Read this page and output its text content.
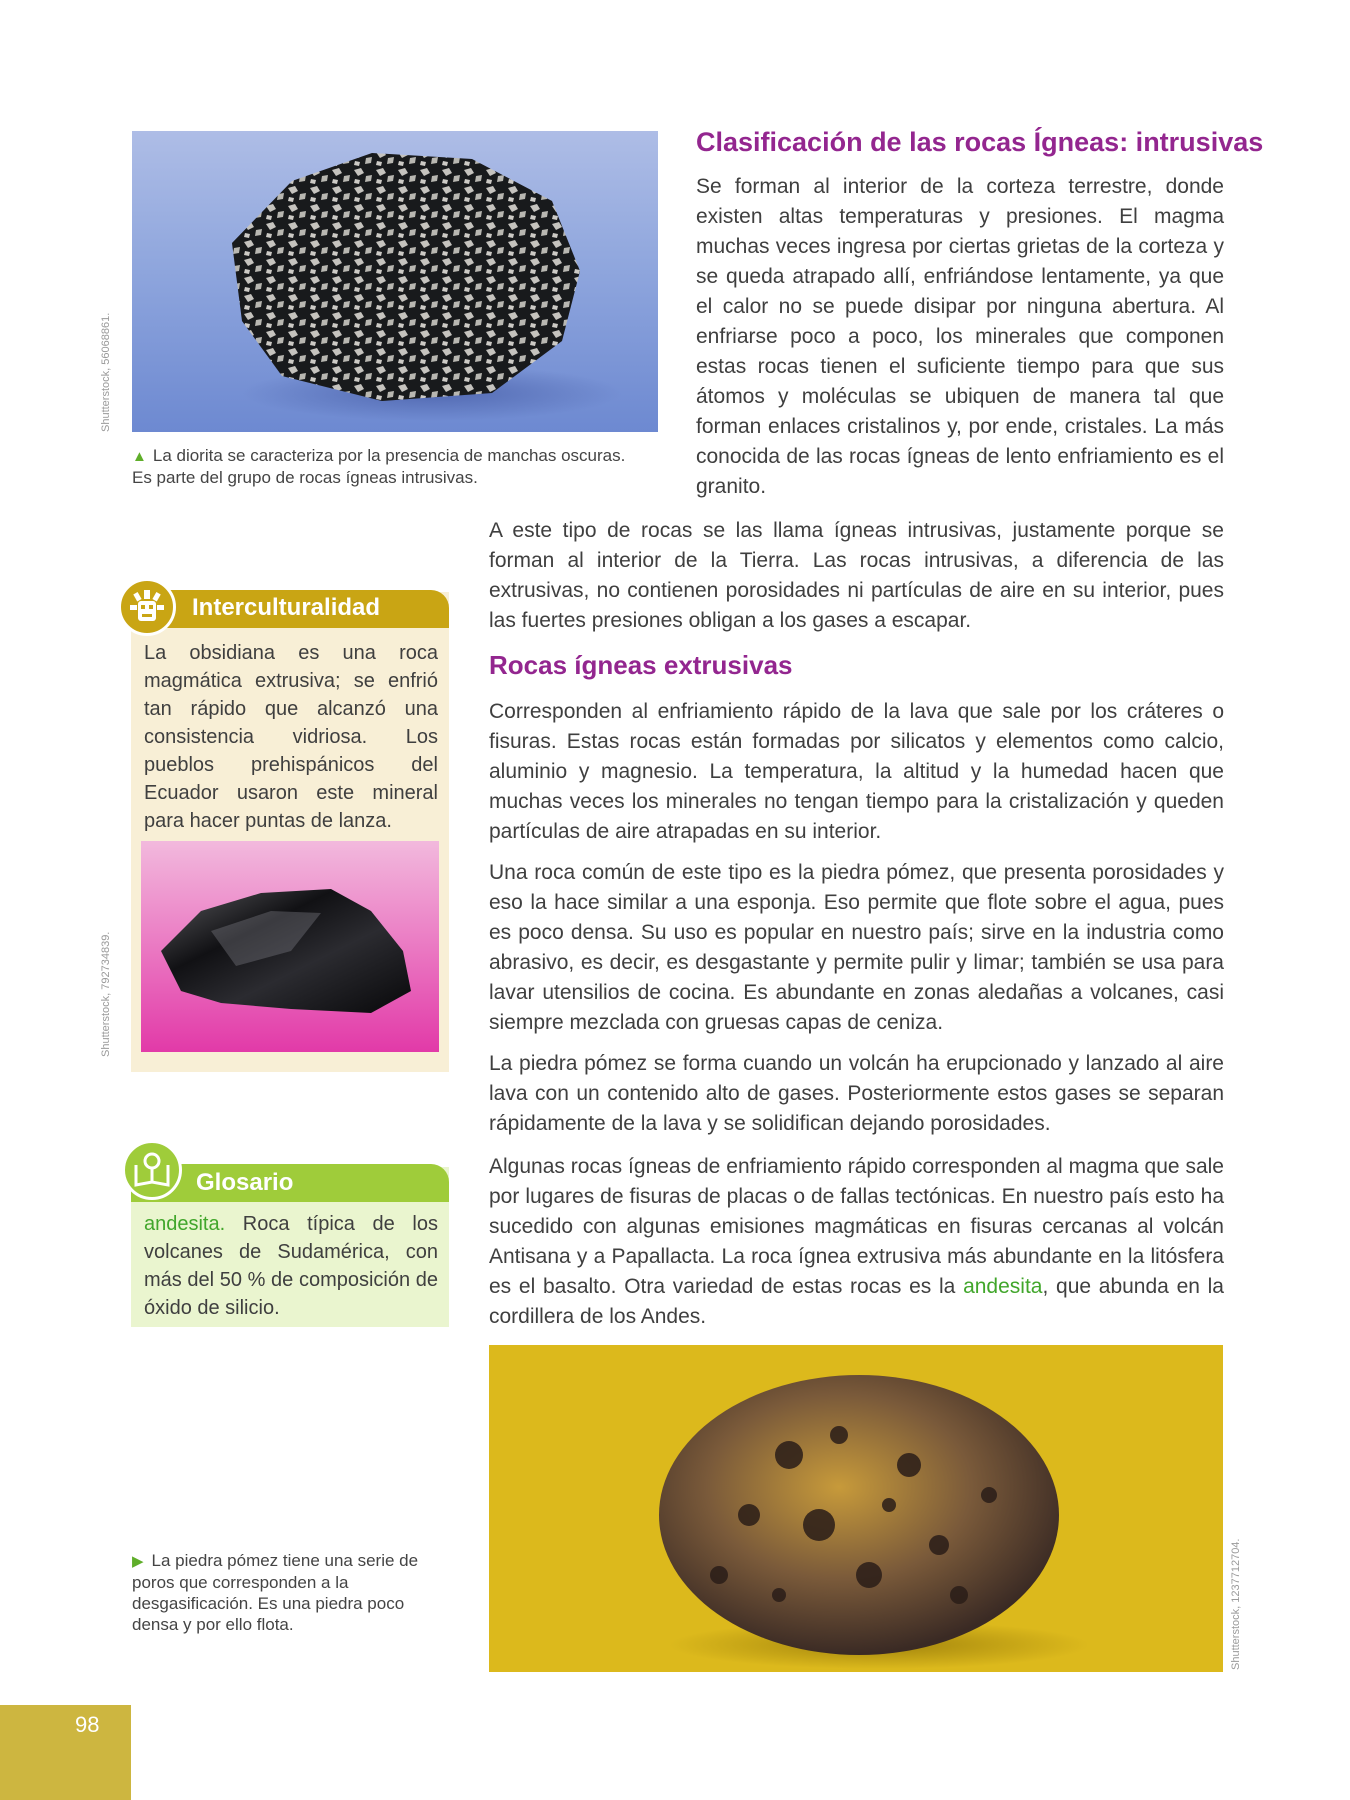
Shutterstock, 56068861.
▲ La diorita se caracteriza por la presencia de manchas oscuras. Es parte del grupo de rocas ígneas intrusivas.
Clasificación de las rocas Ígneas: intrusivas

Se forman al interior de la corteza terrestre, donde existen altas temperaturas y presiones. El magma muchas veces ingresa por ciertas grietas de la corteza y se queda atrapado allí, enfriándose lentamente, ya que el calor no se puede disipar por ninguna abertura. Al enfriarse poco a poco, los minerales que componen estas rocas tienen el suficiente tiempo para que sus átomos y moléculas se ubiquen de manera tal que forman enlaces cristalinos y, por ende, cristales. La más conocida de las rocas ígneas de lento enfriamiento es el granito.

A este tipo de rocas se las llama ígneas intrusivas, justamente porque se forman al interior de la Tierra. Las rocas intrusivas, a diferencia de las extrusivas, no contienen porosidades ni partículas de aire en su interior, pues las fuertes presiones obligan a los gases a escapar.

Rocas ígneas extrusivas

Corresponden al enfriamiento rápido de la lava que sale por los cráteres o fisuras. Estas rocas están formadas por silicatos y elementos como calcio, aluminio y magnesio. La temperatura, la altitud y la humedad hacen que muchas veces los minerales no tengan tiempo para la cristalización y queden partículas de aire atrapadas en su interior.

Una roca común de este tipo es la piedra pómez, que presenta porosidades y eso la hace similar a una esponja. Eso permite que flote sobre el agua, pues es poco densa. Su uso es popular en nuestro país; sirve en la industria como abrasivo, es decir, es desgastante y permite pulir y limar; también se usa para lavar utensilios de cocina. Es abundante en zonas aledañas a volcanes, casi siempre mezclada con gruesas capas de ceniza.

La piedra pómez se forma cuando un volcán ha erupcionado y lanzado al aire lava con un contenido alto de gases. Posteriormente estos gases se separan rápidamente de la lava y se solidifican dejando porosidades.

Algunas rocas ígneas de enfriamiento rápido corresponden al magma que sale por lugares de fisuras de placas o de fallas tectónicas. En nuestro país esto ha sucedido con algunas emisiones magmáticas en fisuras cercanas al volcán Antisana y a Papallacta. La roca ígnea extrusiva más abundante en la litósfera es el basalto. Otra variedad de estas rocas es la andesita, que abunda en la cordillera de los Andes.

Interculturalidad
La obsidiana es una roca magmática extrusiva; se enfrió tan rápido que alcanzó una consistencia vidriosa. Los pueblos prehispánicos del Ecuador usaron este mineral para hacer puntas de lanza.
Shutterstock, 792734839.
Glosario
andesita. Roca típica de los volcanes de Sudamérica, con más del 50 % de composición de óxido de silicio.
Shutterstock, 1237712704.
▶ La piedra pómez tiene una serie de poros que corresponden a la desgasificación. Es una piedra poco densa y por ello flota.
98
